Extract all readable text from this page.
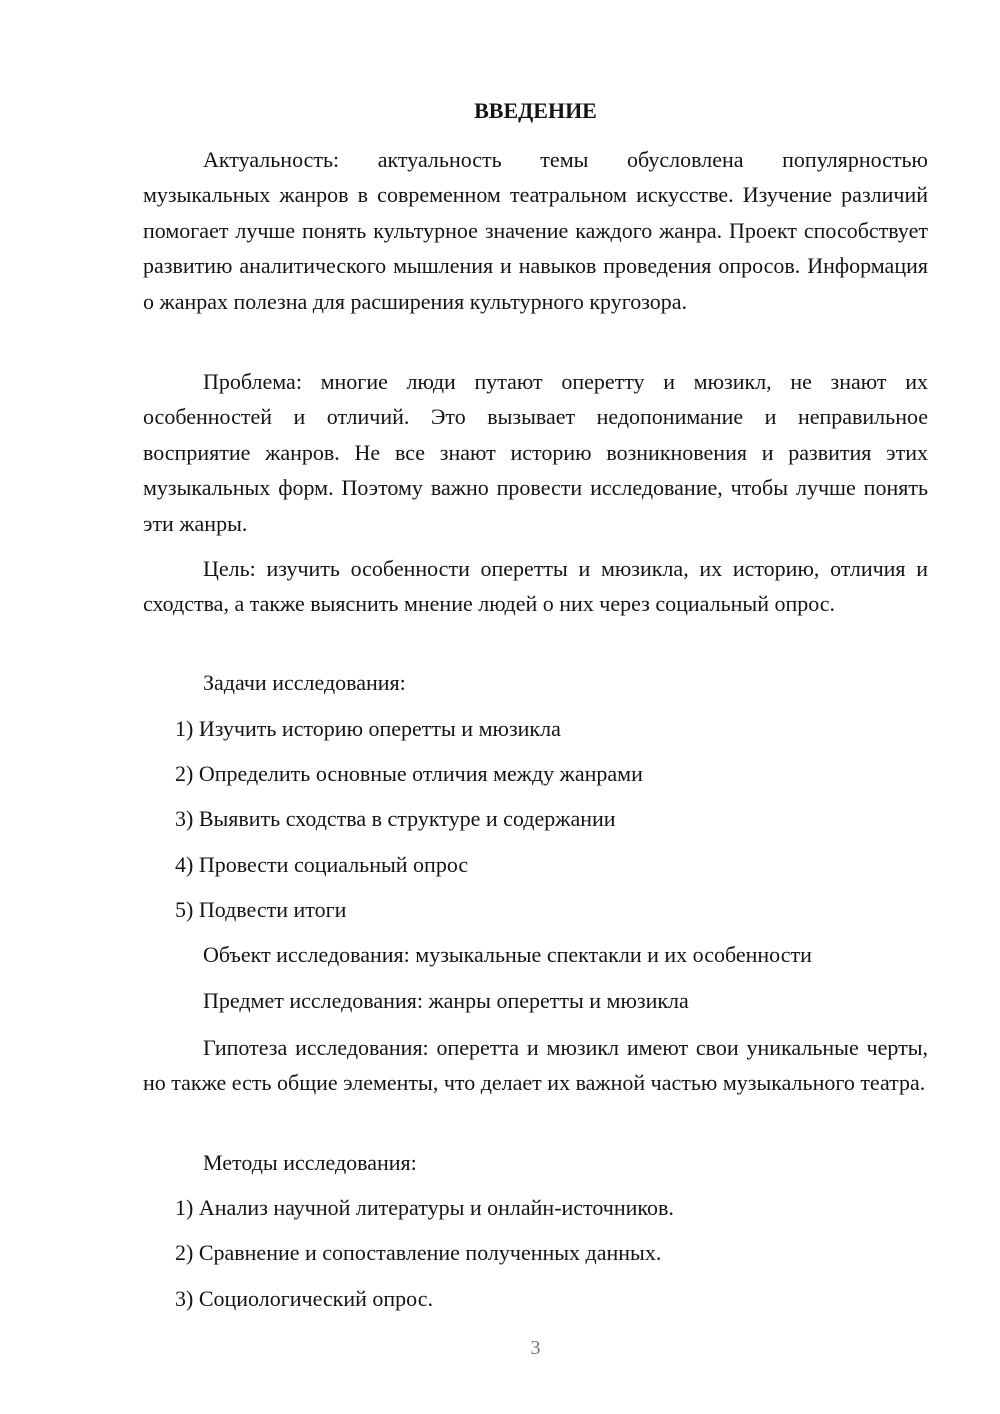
ВВЕДЕНИЕ

Актуальность: актуальность темы обусловлена популярностью музыкальных жанров в современном театральном искусстве. Изучение различий помогает лучше понять культурное значение каждого жанра. Проект способствует развитию аналитического мышления и навыков проведения опросов. Информация о жанрах полезна для расширения культурного кругозора.

Проблема: многие люди путают оперетту и мюзикл, не знают их особенностей и отличий. Это вызывает недопонимание и неправильное восприятие жанров. Не все знают историю возникновения и развития этих музыкальных форм. Поэтому важно провести исследование, чтобы лучше понять эти жанры.

Цель: изучить особенности оперетты и мюзикла, их историю, отличия и сходства, а также выяснить мнение людей о них через социальный опрос.

Задачи исследования:
1) Изучить историю оперетты и мюзикла
2) Определить основные отличия между жанрами
3) Выявить сходства в структуре и содержании
4) Провести социальный опрос
5) Подвести итоги
Объект исследования: музыкальные спектакли и их особенности
Предмет исследования: жанры оперетты и мюзикла

Гипотеза исследования: оперетта и мюзикл имеют свои уникальные черты, но также есть общие элементы, что делает их важной частью музыкального театра.

Методы исследования:
1) Анализ научной литературы и онлайн-источников.
2) Сравнение и сопоставление полученных данных.
3) Социологический опрос.
3
